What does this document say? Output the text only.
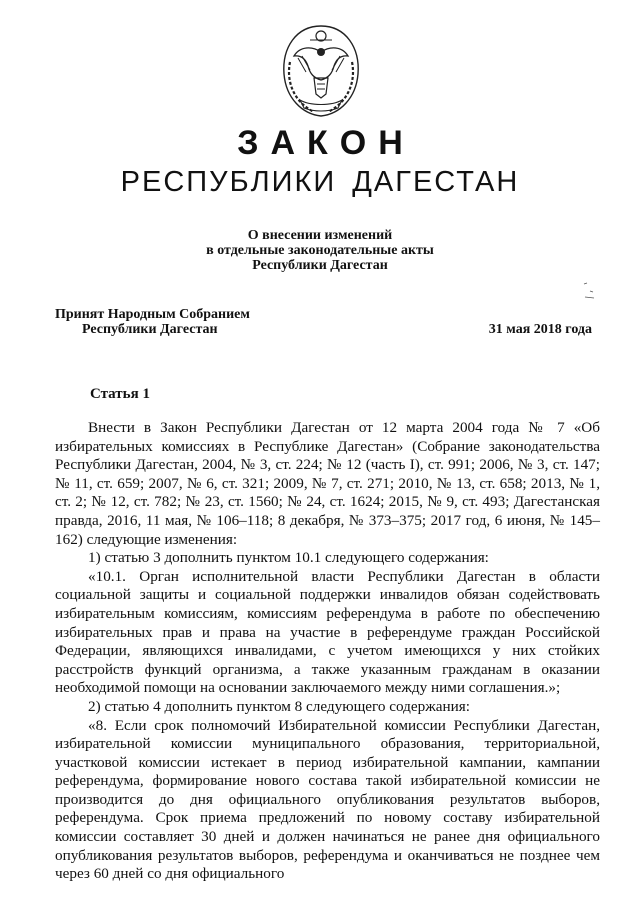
ЗАКОН
РЕСПУБЛИКИ ДАГЕСТАН
О внесении изменений
в отдельные законодательные акты
Республики Дагестан
Принят Народным Собранием
Республики Дагестан	31 мая 2018 года
Статья 1

Внести в Закон Республики Дагестан от 12 марта 2004 года № 7 «Об избирательных комиссиях в Республике Дагестан» (Собрание законодательства Республики Дагестан, 2004, № 3, ст. 224; № 12 (часть I), ст. 991; 2006, № 3, ст. 147; № 11, ст. 659; 2007, № 6, ст. 321; 2009, № 7, ст. 271; 2010, № 13, ст. 658; 2013, № 1, ст. 2; № 12, ст. 782; № 23, ст. 1560; № 24, ст. 1624; 2015, № 9, ст. 493; Дагестанская правда, 2016, 11 мая, № 106–118; 8 декабря, № 373–375; 2017 год, 6 июня, № 145–162) следующие изменения:

1) статью 3 дополнить пунктом 10.1 следующего содержания:

«10.1. Орган исполнительной власти Республики Дагестан в области социальной защиты и социальной поддержки инвалидов обязан содействовать избирательным комиссиям, комиссиям референдума в работе по обеспечению избирательных прав и права на участие в референдуме граждан Российской Федерации, являющихся инвалидами, с учетом имеющихся у них стойких расстройств функций организма, а также указанным гражданам в оказании необходимой помощи на основании заключаемого между ними соглашения.»;

2) статью 4 дополнить пунктом 8 следующего содержания:

«8. Если срок полномочий Избирательной комиссии Республики Дагестан, избирательной комиссии муниципального образования, территориальной, участковой комиссии истекает в период избирательной кампании, кампании референдума, формирование нового состава такой избирательной комиссии не производится до дня официального опубликования результатов выборов, референдума. Срок приема предложений по новому составу избирательной комиссии составляет 30 дней и должен начинаться не ранее дня официального опубликования результатов выборов, референдума и оканчиваться не позднее чем через 60 дней со дня официального
